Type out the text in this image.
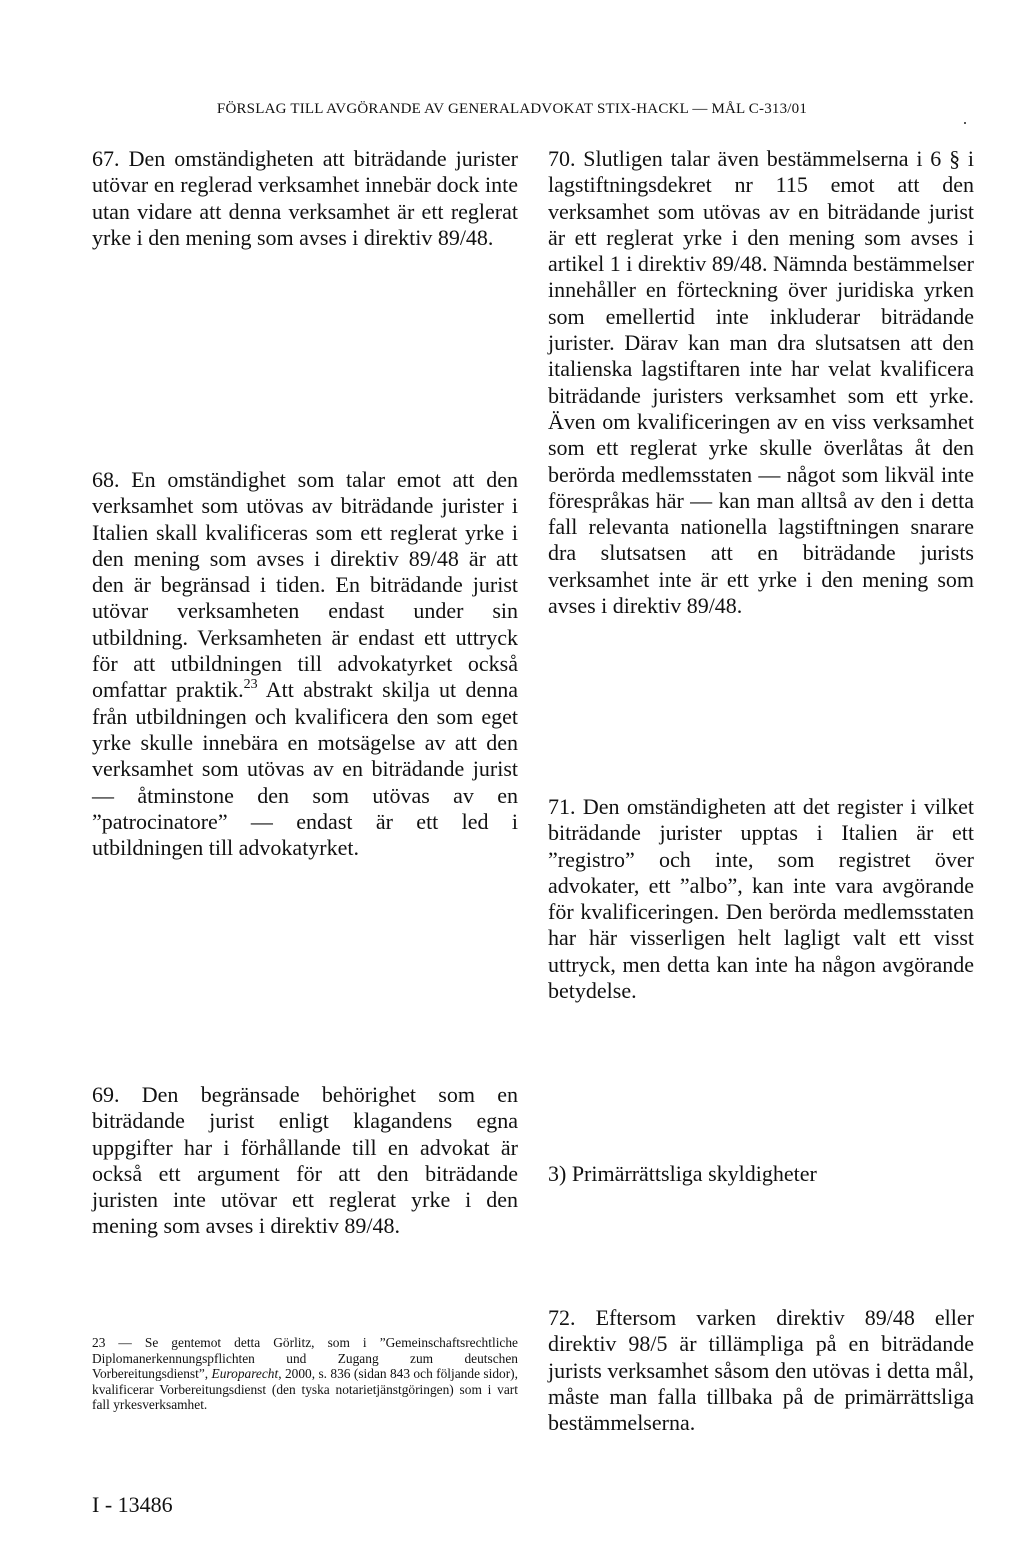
FÖRSLAG TILL AVGÖRANDE AV GENERALADVOKAT STIX-HACKL — MÅL C-313/01

67. Den omständigheten att biträdande jurister utövar en reglerad verksamhet innebär dock inte utan vidare att denna verksamhet är ett reglerat yrke i den mening som avses i direktiv 89/48.

68. En omständighet som talar emot att den verksamhet som utövas av biträdande jurister i Italien skall kvalificeras som ett reglerat yrke i den mening som avses i direktiv 89/48 är att den är begränsad i tiden. En biträdande jurist utövar verksamheten endast under sin utbildning. Verksamheten är endast ett uttryck för att utbildningen till advokatyrket också omfattar praktik.$^{23}$ Att abstrakt skilja ut denna från utbildningen och kvalificera den som eget yrke skulle innebära en motsägelse av att den verksamhet som utövas av en biträdande jurist — åtminstone den som utövas av en ”patrocinatore” — endast är ett led i utbildningen till advokatyrket.

69. Den begränsade behörighet som en biträdande jurist enligt klagandens egna uppgifter har i förhållande till en advokat är också ett argument för att den biträdande juristen inte utövar ett reglerat yrke i den mening som avses i direktiv 89/48.

70. Slutligen talar även bestämmelserna i 6 § i lagstiftningsdekret nr 115 emot att den verksamhet som utövas av en biträdande jurist är ett reglerat yrke i den mening som avses i artikel 1 i direktiv 89/48. Nämnda bestämmelser innehåller en förteckning över juridiska yrken som emellertid inte inkluderar biträdande jurister. Därav kan man dra slutsatsen att den italienska lagstiftaren inte har velat kvalificera biträdande juristers verksamhet som ett yrke. Även om kvalificeringen av en viss verksamhet som ett reglerat yrke skulle överlåtas åt den berörda medlemsstaten — något som likväl inte förespråkas här — kan man alltså av den i detta fall relevanta nationella lagstiftningen snarare dra slutsatsen att en biträdande jurists verksamhet inte är ett yrke i den mening som avses i direktiv 89/48.

71. Den omständigheten att det register i vilket biträdande jurister upptas i Italien är ett ”registro” och inte, som registret över advokater, ett ”albo”, kan inte vara avgörande för kvalificeringen. Den berörda medlemsstaten har här visserligen helt lagligt valt ett visst uttryck, men detta kan inte ha någon avgörande betydelse.

3) Primärrättsliga skyldigheter

72. Eftersom varken direktiv 89/48 eller direktiv 98/5 är tillämpliga på en biträdande jurists verksamhet såsom den utövas i detta mål, måste man falla tillbaka på de primärrättsliga bestämmelserna.

23 — Se gentemot detta Görlitz, som i ”Gemeinschaftsrechtliche Diplomanerkennungspflichten und Zugang zum deutschen Vorbereitungsdienst”, Europarecht, 2000, s. 836 (sidan 843 och följande sidor), kvalificerar Vorbereitungsdienst (den tyska notarietjänstgöringen) som i vart fall yrkesverksamhet.

I - 13486
